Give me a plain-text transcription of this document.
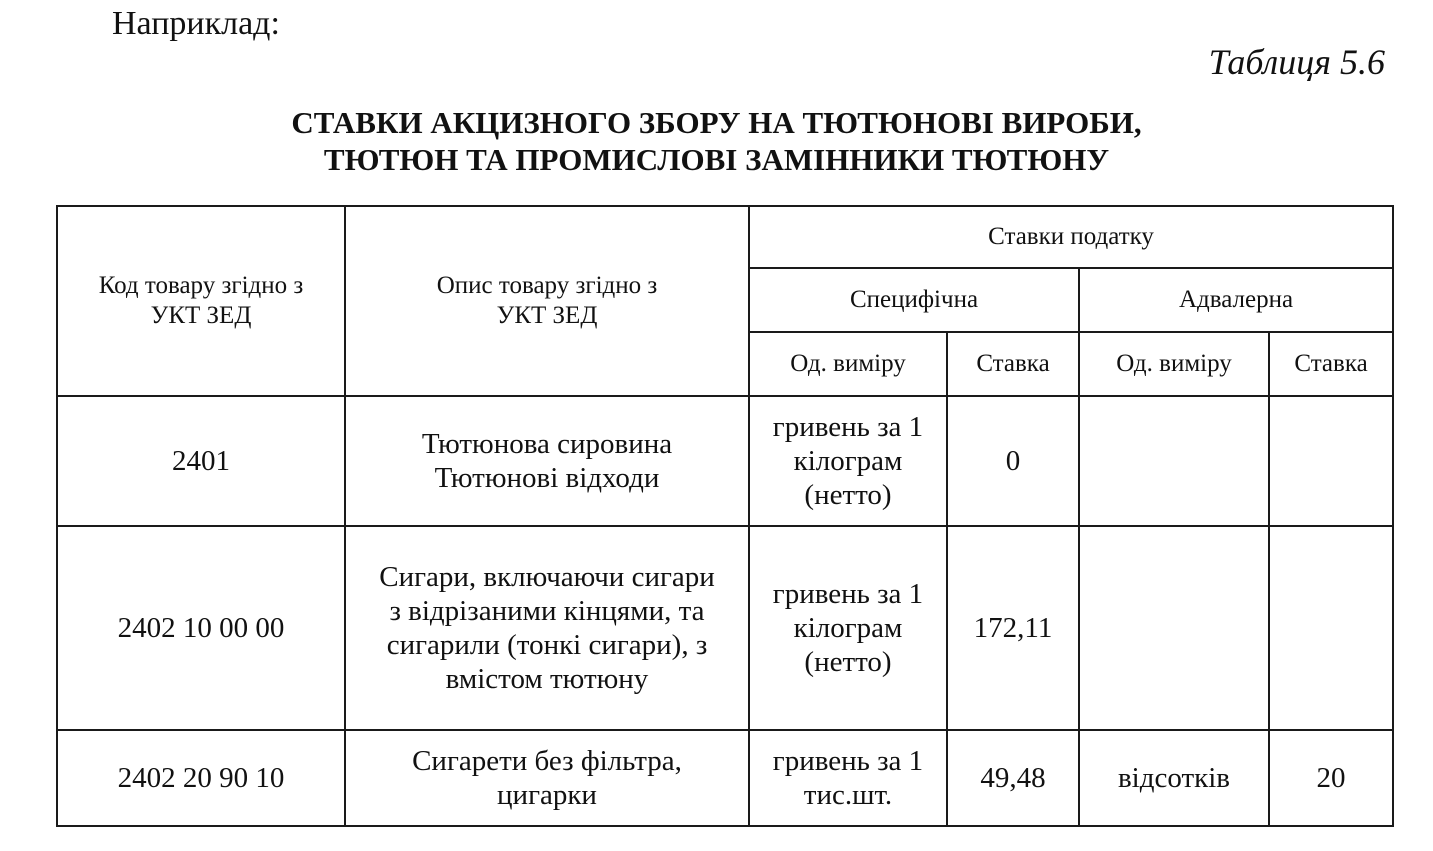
Наприклад:
Таблиця 5.6
СТАВКИ АКЦИЗНОГО ЗБОРУ НА ТЮТЮНОВІ ВИРОБИ,
ТЮТЮН ТА ПРОМИСЛОВІ ЗАМІННИКИ ТЮТЮНУ
Код товару згідно з УКТ ЗЕД	Опис товару згідно з УКТ ЗЕД	Ставки податку			
		Специфічна		Адвалерна	
		Од. виміру	Ставка	Од. виміру	Ставка
2401	Тютюнова сировина Тютюнові відходи	гривень за 1 кілограм (нетто)	0		
2402 10 00 00	Сигари, включаючи сигари з відрізаними кінцями, та сигарили (тонкі сигари), з вмістом тютюну	гривень за 1 кілограм (нетто)	172,11		
2402 20 90 10	Сигарети без фільтра, цигарки	гривень за 1 тис.шт.	49,48	відсотків	20
